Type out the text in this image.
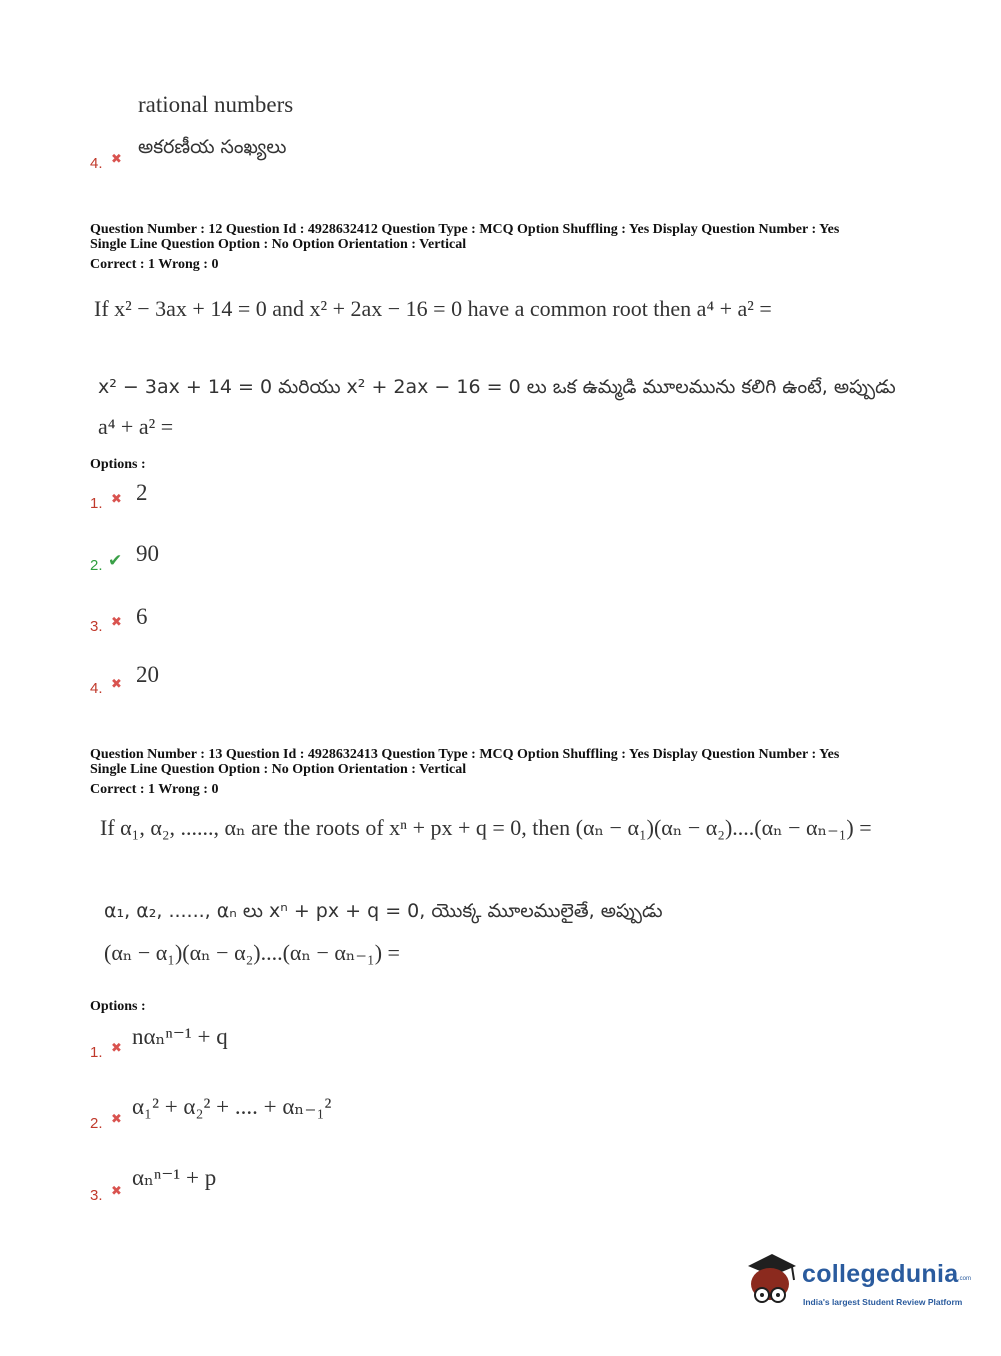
rational numbers
4. ✖
అకరణీయ సంఖ్యలు
Question Number : 12 Question Id : 4928632412 Question Type : MCQ Option Shuffling : Yes Display Question Number : Yes
Single Line Question Option : No Option Orientation : Vertical
Correct : 1 Wrong : 0
If x² − 3ax + 14 = 0 and x² + 2ax − 16 = 0 have a common root then a⁴ + a² =
x² − 3ax + 14 = 0 మరియు x² + 2ax − 16 = 0 లు ఒక ఉమ్మడి మూలమును కలిగి ఉంటే, అప్పుడు
a⁴ + a² =
Options :
1. ✖ 2
2. ✔ 90
3. ✖ 6
4. ✖ 20
Question Number : 13 Question Id : 4928632413 Question Type : MCQ Option Shuffling : Yes Display Question Number : Yes
Single Line Question Option : No Option Orientation : Vertical
Correct : 1 Wrong : 0
If α₁, α₂, ......, αₙ are the roots of xⁿ + px + q = 0, then (αₙ − α₁)(αₙ − α₂)....(αₙ − αₙ₋₁) =
α₁, α₂, ......, αₙ లు xⁿ + px + q = 0, యొక్క మూలములైతే, అప్పుడు
(αₙ − α₁)(αₙ − α₂)....(αₙ − αₙ₋₁) =
Options :
1. ✖ nαₙⁿ⁻¹ + q
2. ✖
α₁² + α₂² + .... + αₙ₋₁²
3. ✖
αₙⁿ⁻¹ + p
collegedunia .com
India's largest Student Review Platform
